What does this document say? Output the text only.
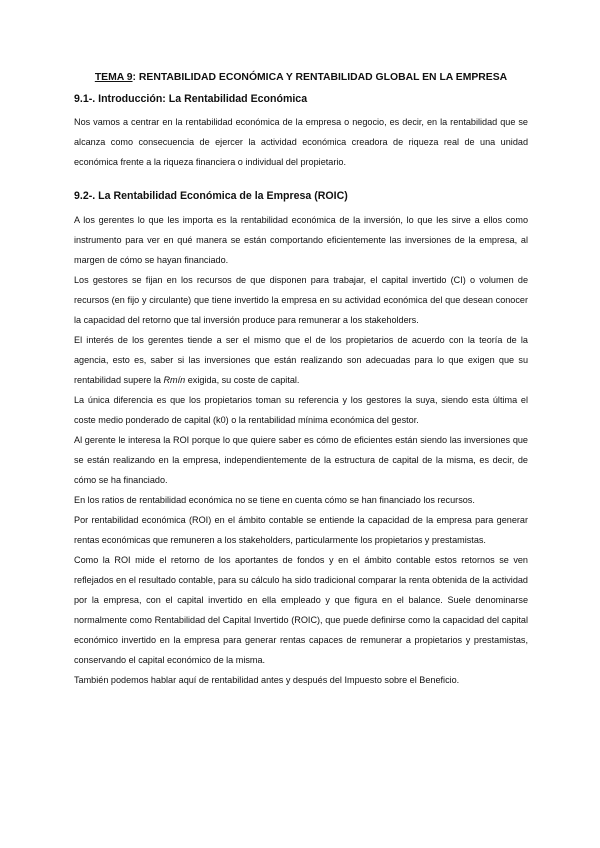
TEMA 9: RENTABILIDAD ECONÓMICA Y RENTABILIDAD GLOBAL EN LA EMPRESA
9.1-. Introducción: La Rentabilidad Económica

Nos vamos a centrar en la rentabilidad económica de la empresa o negocio, es decir, en la rentabilidad que se alcanza como consecuencia de ejercer la actividad económica creadora de riqueza real de una unidad económica frente a la riqueza financiera o individual del propietario.

9.2-. La Rentabilidad Económica de la Empresa (ROIC)

A los gerentes lo que les importa es la rentabilidad económica de la inversión, lo que les sirve a ellos como instrumento para ver en qué manera se están comportando eficientemente las inversiones de la empresa, al margen de cómo se hayan financiado.

Los gestores se fijan en los recursos de que disponen para trabajar, el capital invertido (CI) o volumen de recursos (en fijo y circulante) que tiene invertido la empresa en su actividad económica del que desean conocer la capacidad del retorno que tal inversión produce para remunerar a los stakeholders.

El interés de los gerentes tiende a ser el mismo que el de los propietarios de acuerdo con la teoría de la agencia, esto es, saber si las inversiones que están realizando son adecuadas para lo que exigen que su rentabilidad supere la Rmín exigida, su coste de capital.

La única diferencia es que los propietarios toman su referencia y los gestores la suya, siendo esta última el coste medio ponderado de capital (k0) o la rentabilidad mínima económica del gestor.

Al gerente le interesa la ROI porque lo que quiere saber es cómo de eficientes están siendo las inversiones que se están realizando en la empresa, independientemente de la estructura de capital de la misma, es decir, de cómo se ha financiado.

En los ratios de rentabilidad económica no se tiene en cuenta cómo se han financiado los recursos.

Por rentabilidad económica (ROI) en el ámbito contable se entiende la capacidad de la empresa para generar rentas económicas que remuneren a los stakeholders, particularmente los propietarios y prestamistas.

Como la ROI mide el retorno de los aportantes de fondos y en el ámbito contable estos retornos se ven reflejados en el resultado contable, para su cálculo ha sido tradicional comparar la renta obtenida de la actividad por la empresa, con el capital invertido en ella empleado y que figura en el balance. Suele denominarse normalmente como Rentabilidad del Capital Invertido (ROIC), que puede definirse como la capacidad del capital económico invertido en la empresa para generar rentas capaces de remunerar a propietarios y prestamistas, conservando el capital económico de la misma.

También podemos hablar aquí de rentabilidad antes y después del Impuesto sobre el Beneficio.
